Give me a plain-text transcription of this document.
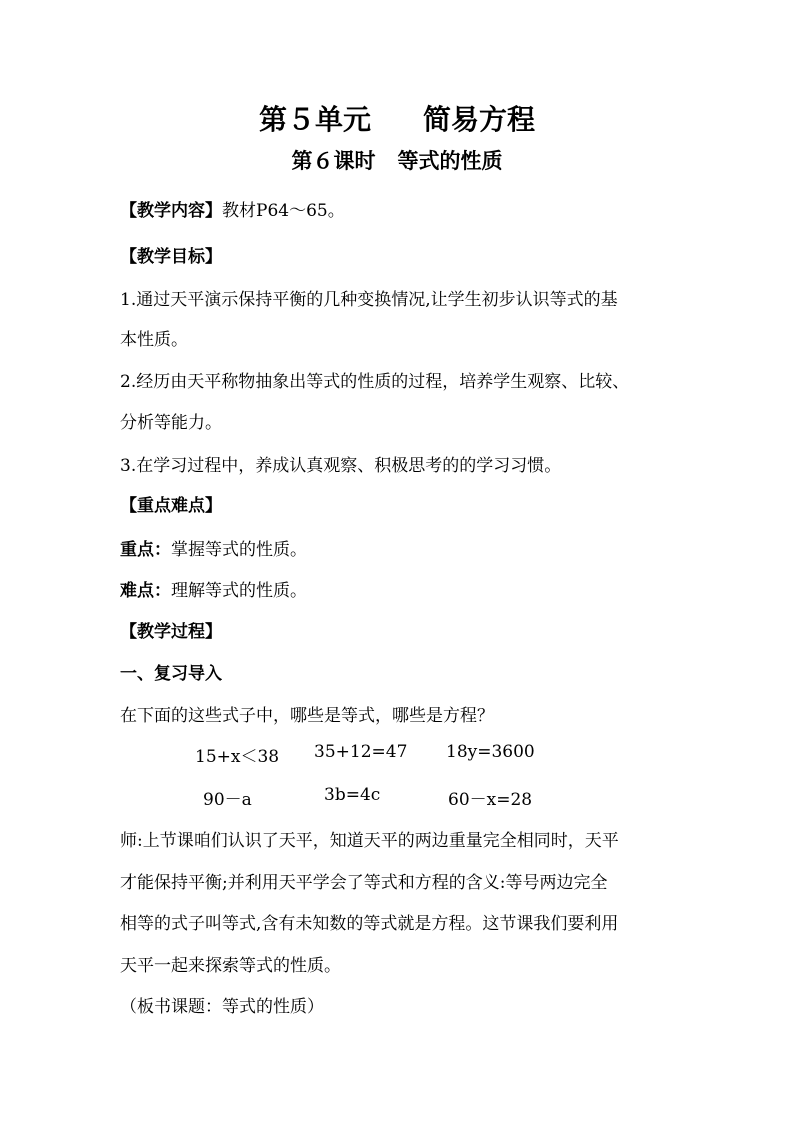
第５单元 简易方程
第６课时 等式的性质
【教学内容】教材P64～65。
【教学目标】
1.通过天平演示保持平衡的几种变换情况,让学生初步认识等式的基
本性质。
2.经历由天平称物抽象出等式的性质的过程，培养学生观察、比较、
分析等能力。
3.在学习过程中，养成认真观察、积极思考的的学习习惯。
【重点难点】
重点：掌握等式的性质。
难点：理解等式的性质。
【教学过程】
一、复习导入
在下面的这些式子中，哪些是等式，哪些是方程？
15+x＜38 35+12=47 18y=3600
90－a	3b=4c	60－x=28
师:上节课咱们认识了天平，知道天平的两边重量完全相同时，天平
才能保持平衡;并利用天平学会了等式和方程的含义:等号两边完全
相等的式子叫等式,含有未知数的等式就是方程。这节课我们要利用
天平一起来探索等式的性质。
（板书课题：等式的性质）
